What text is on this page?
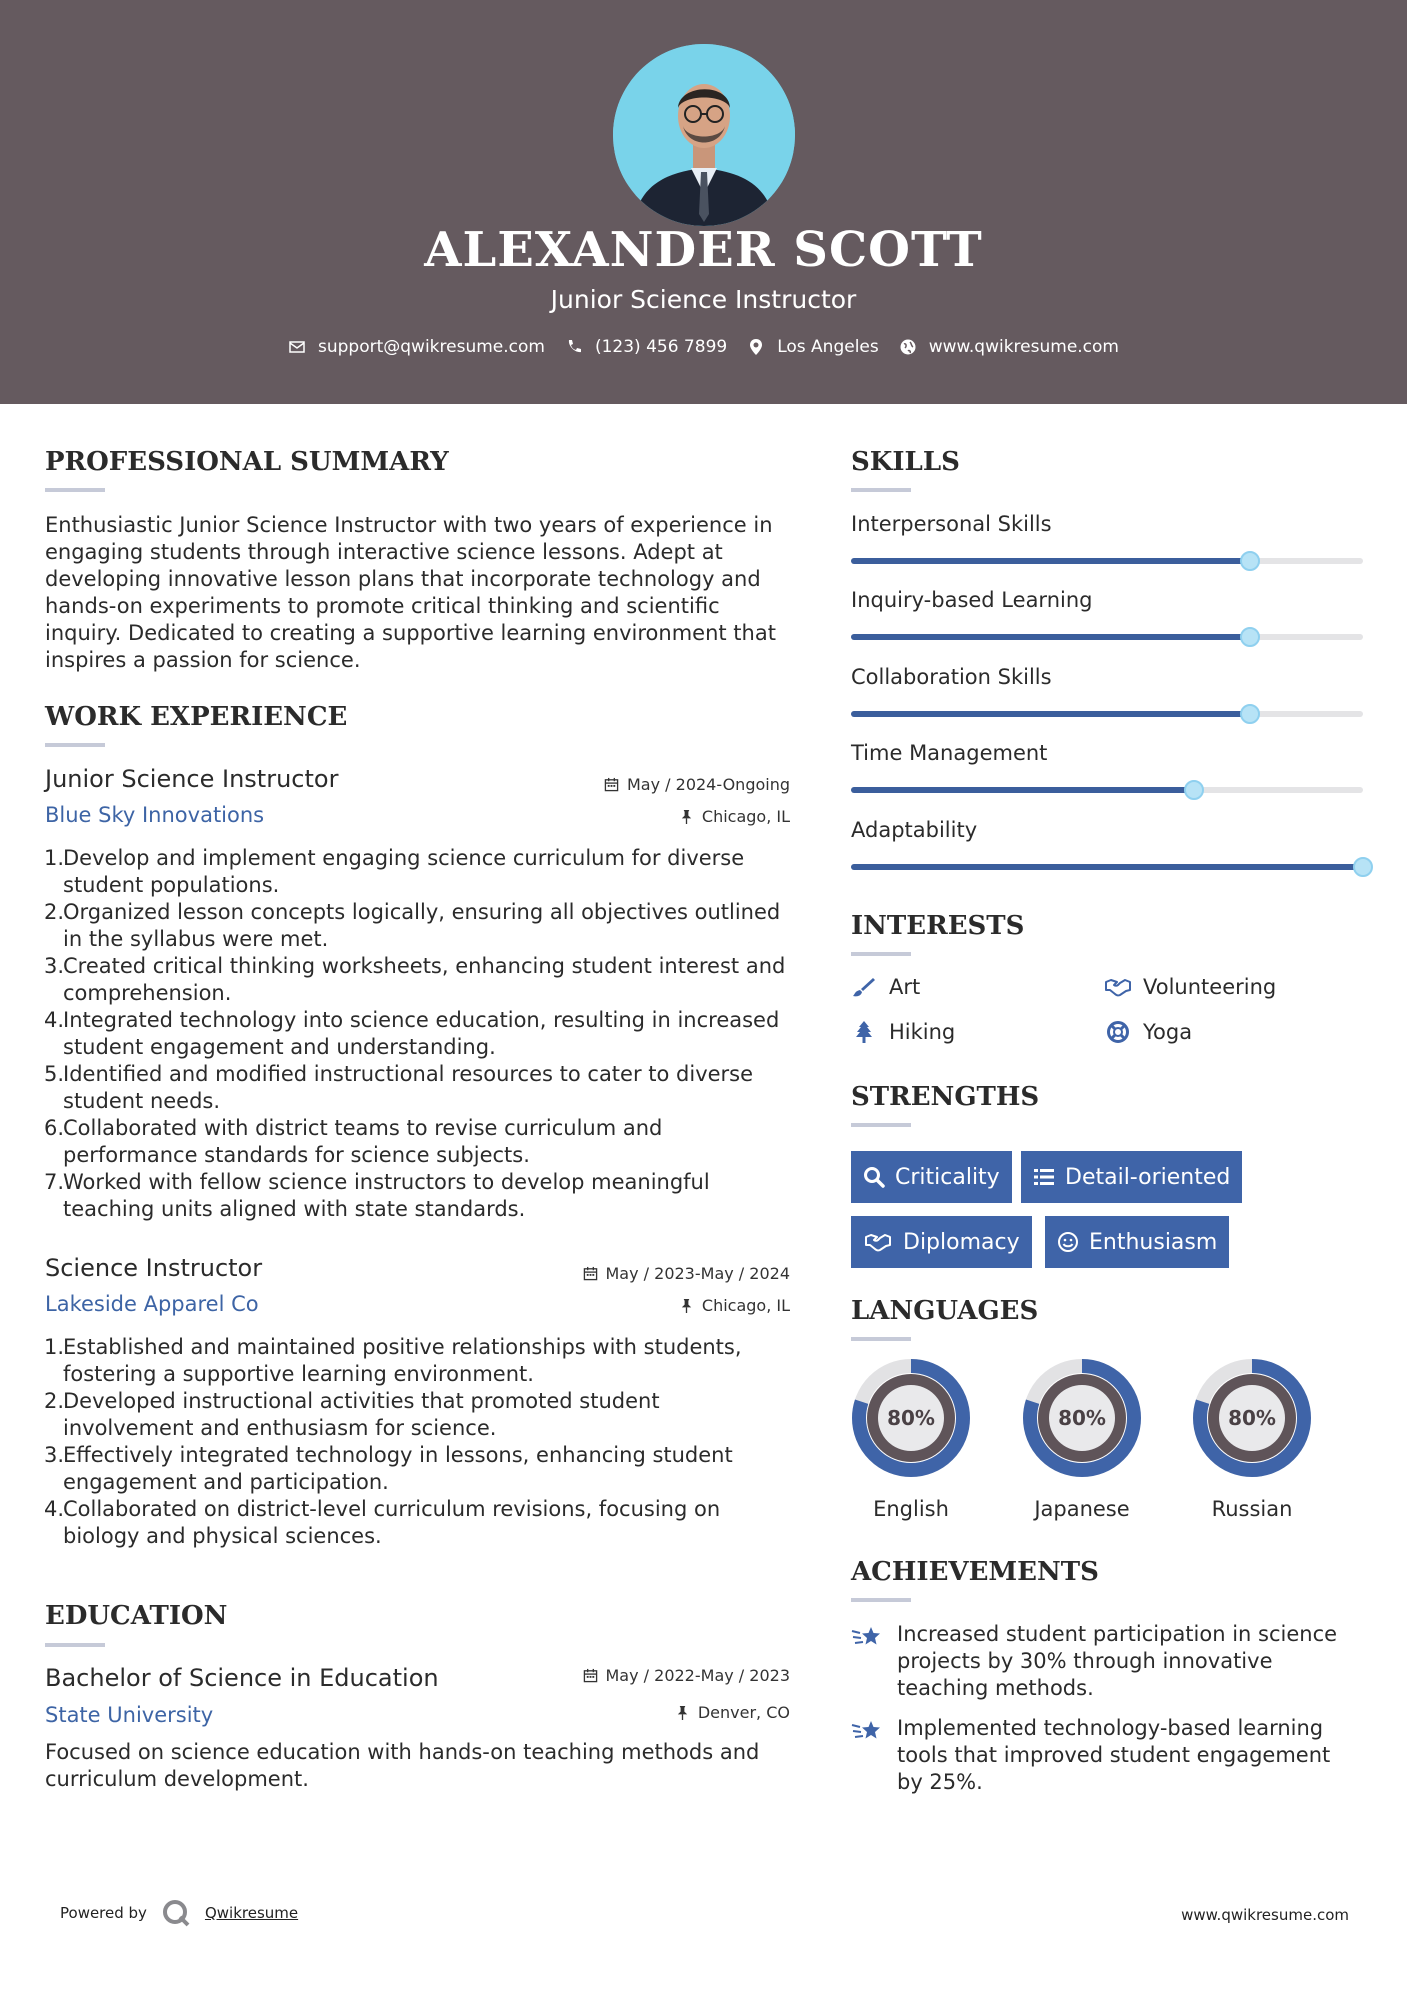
ALEXANDER SCOTT
Junior Science Instructor
support@qwikresume.com	(123) 456 7899	Los Angeles	www.qwikresume.com
PROFESSIONAL SUMMARY
Enthusiastic Junior Science Instructor with two years of experience in engaging students through interactive science lessons. Adept at developing innovative lesson plans that incorporate technology and hands-on experiments to promote critical thinking and scientific inquiry. Dedicated to creating a supportive learning environment that inspires a passion for science.
WORK EXPERIENCE
Junior Science Instructor	May / 2024-Ongoing
Blue Sky Innovations	Chicago, IL
1.
Develop and implement engaging science curriculum for diverse student populations.
2.
Organized lesson concepts logically, ensuring all objectives outlined in the syllabus were met.
3.
Created critical thinking worksheets, enhancing student interest and comprehension.
4.
Integrated technology into science education, resulting in increased student engagement and understanding.
5.
Identified and modified instructional resources to cater to diverse student needs.
6.
Collaborated with district teams to revise curriculum and performance standards for science subjects.
7.
Worked with fellow science instructors to develop meaningful teaching units aligned with state standards.
Science Instructor	May / 2023-May / 2024
Lakeside Apparel Co	Chicago, IL
1.
Established and maintained positive relationships with students, fostering a supportive learning environment.
2.
Developed instructional activities that promoted student involvement and enthusiasm for science.
3.
Effectively integrated technology in lessons, enhancing student engagement and participation.
4.
Collaborated on district-level curriculum revisions, focusing on biology and physical sciences.
EDUCATION
Bachelor of Science in Education	May / 2022-May / 2023
State University	Denver, CO
Focused on science education with hands-on teaching methods and curriculum development.
SKILLS
Interpersonal Skills
Inquiry-based Learning
Collaboration Skills
Time Management
Adaptability
INTERESTS
Art	Volunteering
Hiking	Yoga
STRENGTHS
Criticality	Detail-oriented
Diplomacy	Enthusiasm
LANGUAGES
80%
English
80%
Japanese
80%
Russian
ACHIEVEMENTS
Increased student participation in science projects by 30% through innovative teaching methods.
Implemented technology-based learning tools that improved student engagement by 25%.
Powered by	Qwikresume	www.qwikresume.com
